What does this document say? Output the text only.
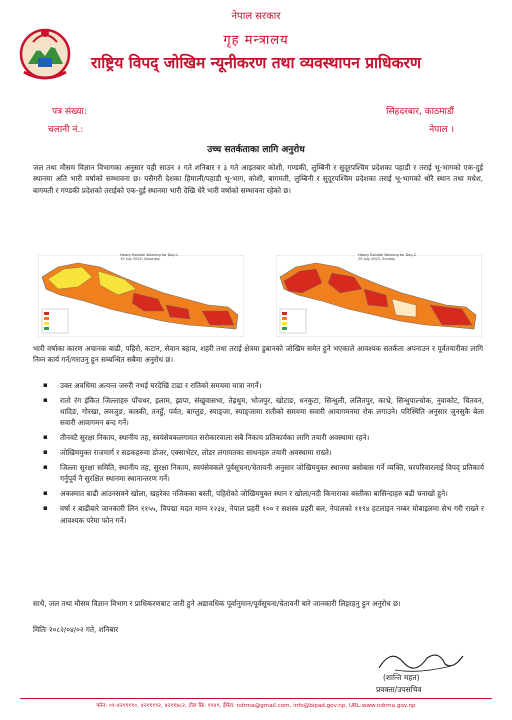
नेपाल सरकार
गृह मन्त्रालय
राष्ट्रिय विपद् जोखिम न्यूनीकरण तथा व्यवस्थापन प्राधिकरण
पत्र संख्या:
चलानी नं.:
सिंहदरबार, काठमाडौं
नेपाल ।
उच्च सतर्कताका लागि अनुरोध

जल तथा मौसम विज्ञान विभागका अनुसार यही साउन २ गते शनिबार र ३ गते आइतबार कोशी, गण्डकी, लुम्बिनी र सुदूरपश्चिम प्रदेशका पहाडी र तराई भू-भागको एक-दुई स्थानमा अति भारी वर्षाको सम्भावना छ। यसैगरी देशका हिमाली/पहाडी भू-भाग, कोशी, बागमती, लुम्बिनी र सुदूरपश्चिम प्रदेशका तराई भू-भागको थोरै स्थान तथा मधेश, बागमती र गण्डकी प्रदेशको तराईको एक-दुई स्थानमा भारी देखि धेरै भारी वर्षाको सम्भावना रहेको छ।

Heavy Rainfall Warning for Day-1
19 July 2025, Saturday
Heavy Rainfall Warning for Day-2
20 July 2025, Sunday

भारी वर्षाका कारण अचानक बाढी, पहिरो, कटान, सेवान बहाव, शहरी तथा तराई क्षेत्रमा डुबानको जोखिम समेत हुने भएकाले आवश्यक सतर्कता अपनाउन र पूर्वतयारीका लागि निम्न कार्य गर्न/गराउनु हुन सम्बन्धित सबैमा अनुरोध छ।

▪ उक्त अवधिमा अत्यन्त जरुरी नभई घरदेखि टाढा र रातिको समयमा यात्रा नगर्ने।
▪ रातो रंग इंकित जिल्लाहरु पाँचथर, इलाम, झापा, संखुवासभा, तेह्रथुम, भोजपुर, खोटाङ, धनकुटा, सिन्धुली, ललितपुर, काभ्रे, सिन्धुपाल्चोक, नुवाकोट, चितवन, धादिङ, गोरखा, लमजुङ, कास्की, तनहुँ, पर्वत, बाग्लुङ, स्याङ्जा, स्याङ्जामा रातीको समयमा सवारी आवागमनमा रोक लगाउने। परिस्थिति अनुसार जुनसुकै बेला सवारी आवागमन बन्द गर्ने।
▪ तीनवटै सुरक्षा निकाय, स्थानीय तह, स्वयंसेवकलगायत सरोकारवाला सबै निकाय प्रतिकार्यका लागि तयारी अवस्थामा रहने।
▪ जोखिमयुक्त राजमार्ग र सडकहरुमा डोजर, एक्साभेटर, लोडर लगायतका साधनहरु तयारी अवस्थामा राख्ने।
▪ जिल्ला सुरक्षा समिति, स्थानीय तह, सुरक्षा निकाय, स्वयंसेवकले पूर्वसूचना/चेतावनी अनुसार जोखिमयुक्त स्थानमा बसोबास गर्ने व्यक्ति, घरपरिवारलाई विपद् प्रतिकार्य गर्नुपूर्व नै सुरक्षित स्थानमा स्थानान्तरण गर्ने।
▪ अकस्मात बाढी आउनसक्ने खोला, खहरेका नजिकका बस्ती, पहिरोको जोखिमयुक्त स्थान र खोला/नदी किनाराका बस्तीका बासिन्दाहरु बढी चनाखो हुने।
▪ वर्षा र बाढीबारे जानकारी लिन ११५५, विपद्मा मदत माग्न १२३४, नेपाल प्रहरी १०० र सशस्त्र प्रहरी बल, नेपालको ११९४ हटलाइन नम्बर मोबाइलमा सेभ गरी राख्ने र आवश्यक परेमा फोन गर्ने।

साथै, जल तथा मौसम विज्ञान विभाग र प्राधिकरणबाट जारी हुने अद्यावधिक पूर्वानुमान/पूर्वसूचना/चेतावनी बारे जानकारी लिइरहनु हुन अनुरोध छ।

मितिः २०८२/०४/०२ गते, शनिबार

(शान्ति महत)
प्रवक्ता/उपसचिव
फोन: ०१-४२११११०, ४२१११९२, ४२११४८२, टोल फ्रि: ११४९, ईमेल: ndrma@gmail.com, info@bipad.gov.np, URL:www.ndrma.gov.np
